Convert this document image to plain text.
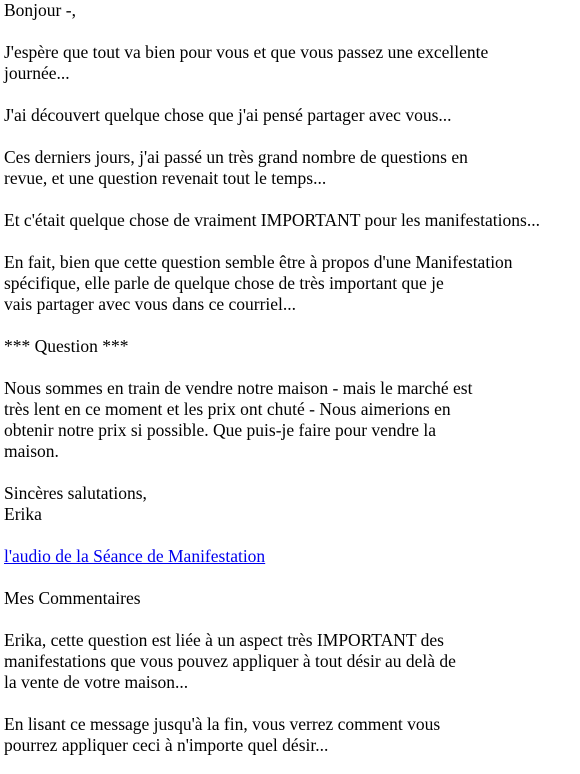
Bonjour -,

J'espère que tout va bien pour vous et que vous passez une excellente
journée...

J'ai découvert quelque chose que j'ai pensé partager avec vous...

Ces derniers jours, j'ai passé un très grand nombre de questions en
revue, et une question revenait tout le temps...

Et c'était quelque chose de vraiment IMPORTANT pour les manifestations...

En fait, bien que cette question semble être à propos d'une Manifestation
spécifique, elle parle de quelque chose de très important que je
vais partager avec vous dans ce courriel...

*** Question ***

Nous sommes en train de vendre notre maison - mais le marché est
très lent en ce moment et les prix ont chuté - Nous aimerions en
obtenir notre prix si possible. Que puis-je faire pour vendre la
maison.

Sincères salutations,
Erika

l'audio de la Séance de Manifestation

Mes Commentaires

Erika, cette question est liée à un aspect très IMPORTANT des
manifestations que vous pouvez appliquer à tout désir au delà de
la vente de votre maison...

En lisant ce message jusqu'à la fin, vous verrez comment vous
pourrez appliquer ceci à n'importe quel désir...
